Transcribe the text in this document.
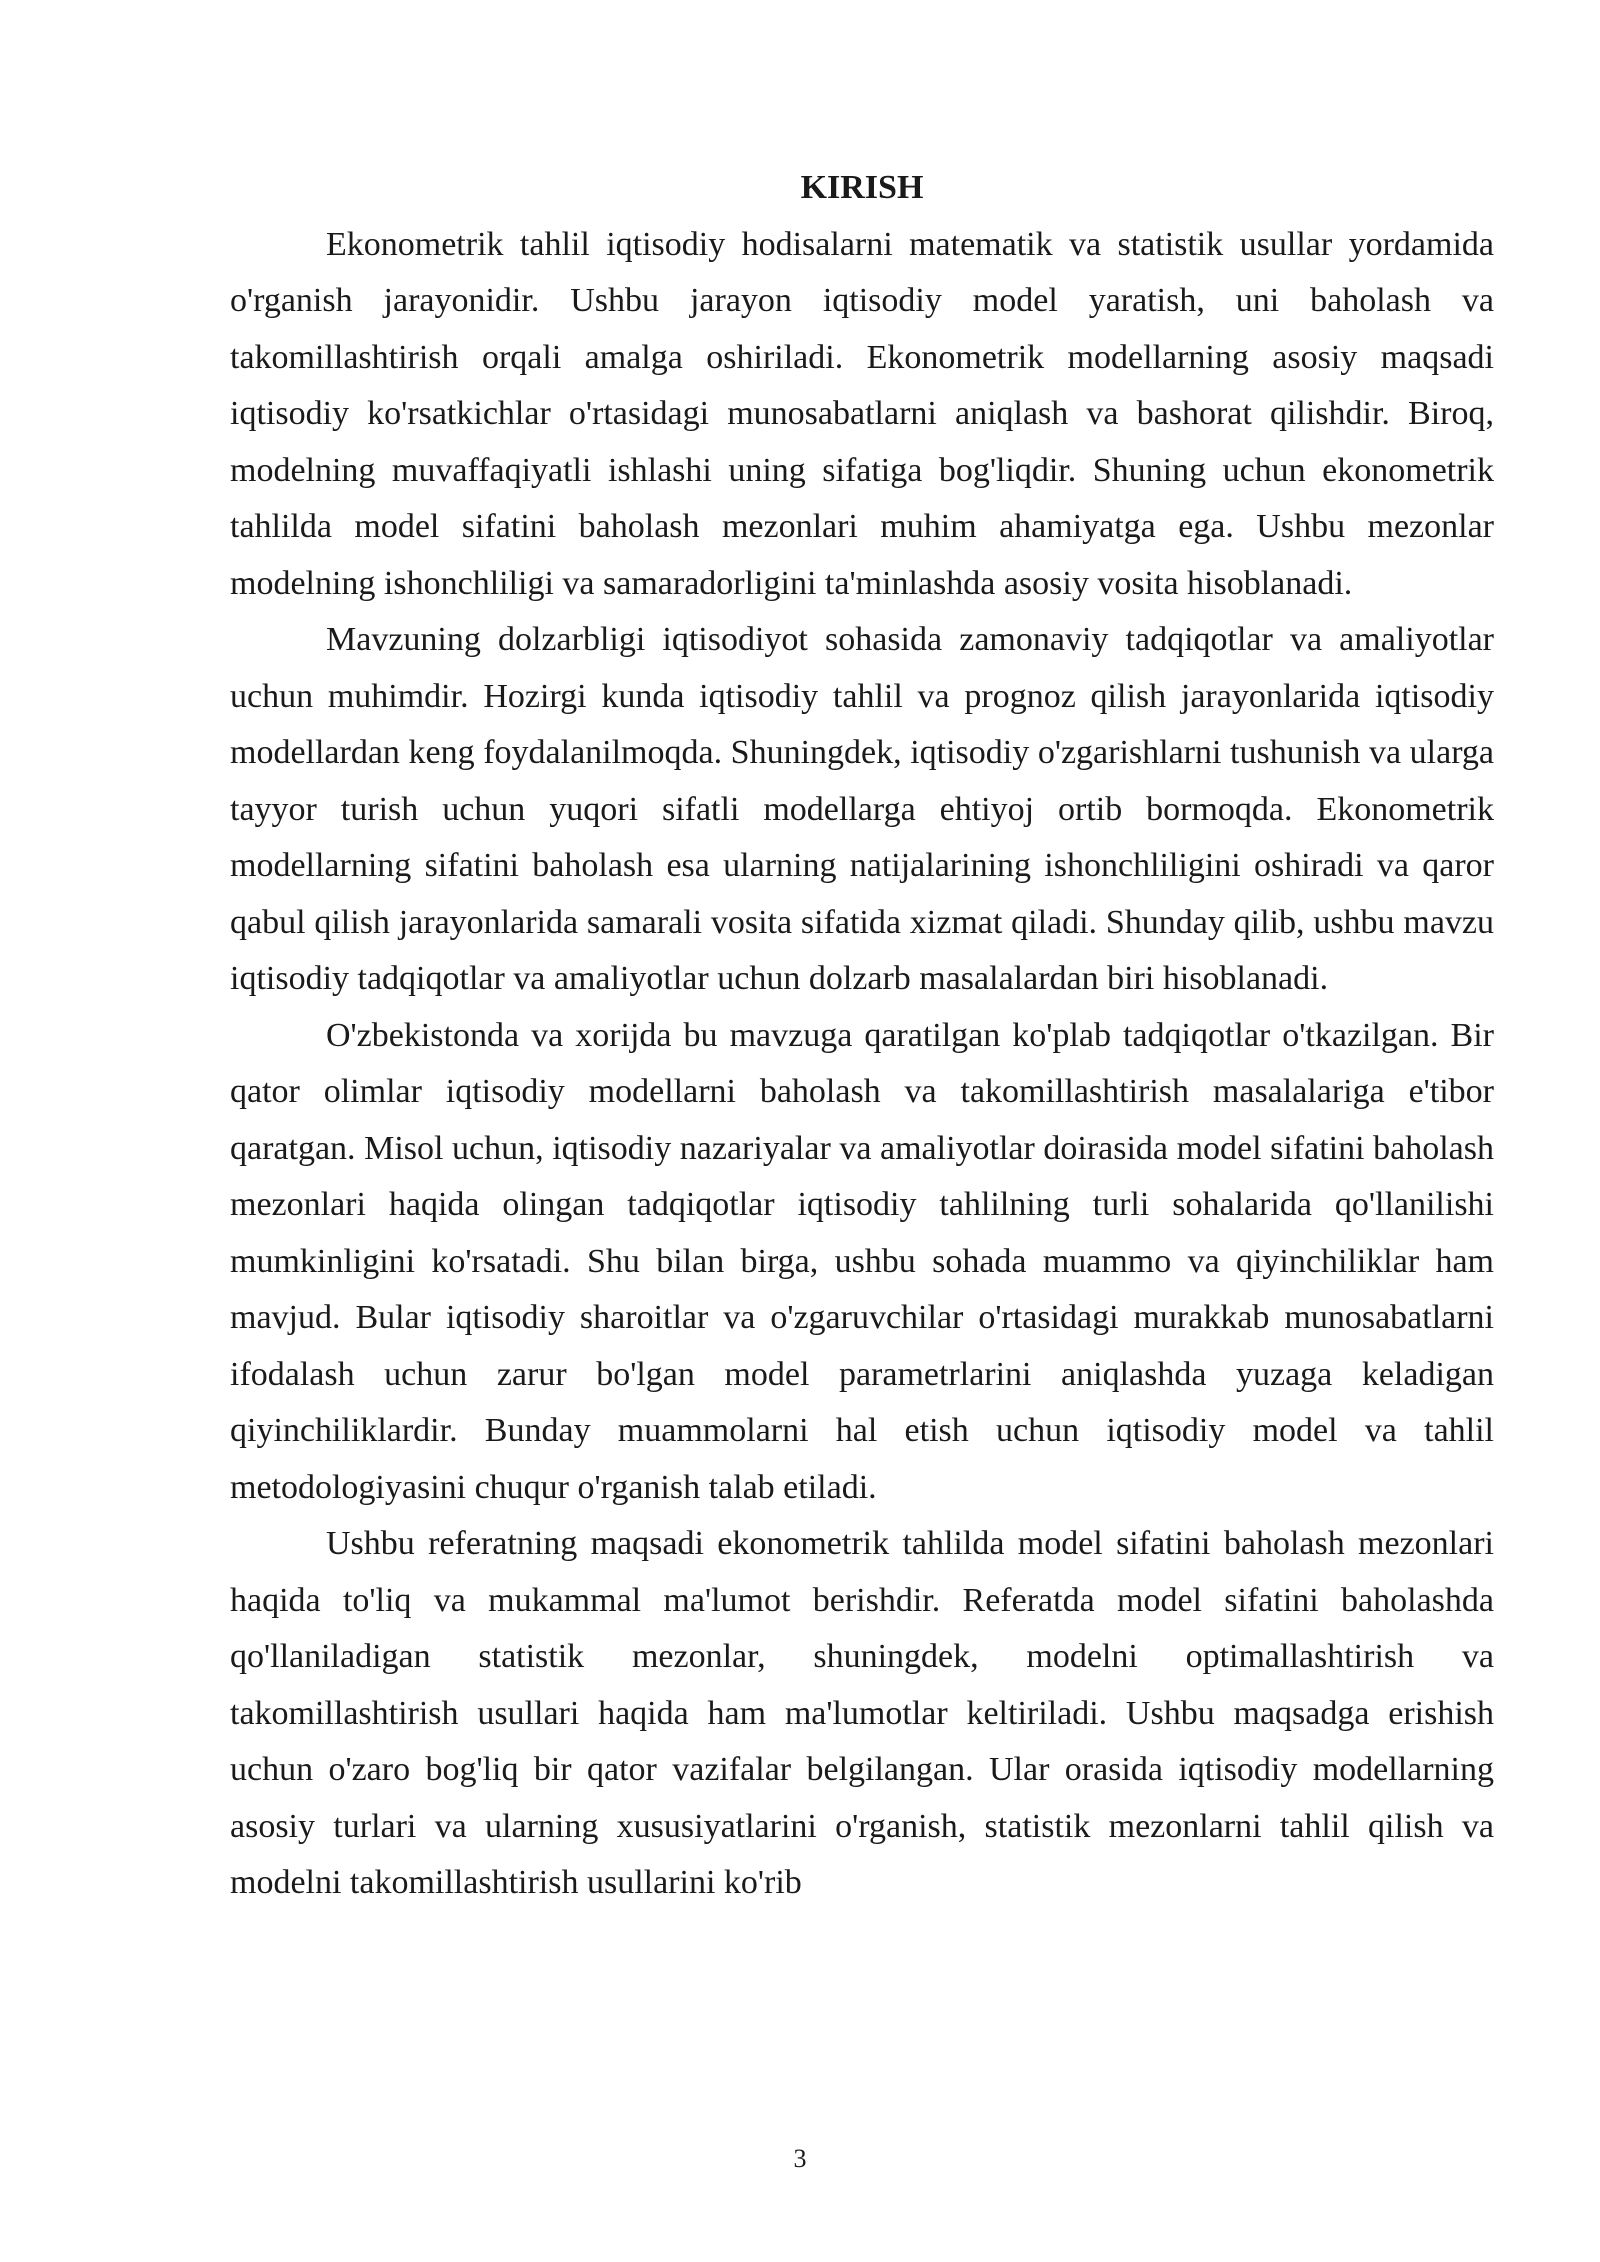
KIRISH

Ekonometrik tahlil iqtisodiy hodisalarni matematik va statistik usullar yordamida o'rganish jarayonidir. Ushbu jarayon iqtisodiy model yaratish, uni baholash va takomillashtirish orqali amalga oshiriladi. Ekonometrik modellarning asosiy maqsadi iqtisodiy ko'rsatkichlar o'rtasidagi munosabatlarni aniqlash va bashorat qilishdir. Biroq, modelning muvaffaqiyatli ishlashi uning sifatiga bog'liqdir. Shuning uchun ekonometrik tahlilda model sifatini baholash mezonlari muhim ahamiyatga ega. Ushbu mezonlar modelning ishonchliligi va samaradorligini ta'minlashda asosiy vosita hisoblanadi.

Mavzuning dolzarbligi iqtisodiyot sohasida zamonaviy tadqiqotlar va amaliyotlar uchun muhimdir. Hozirgi kunda iqtisodiy tahlil va prognoz qilish jarayonlarida iqtisodiy modellardan keng foydalanilmoqda. Shuningdek, iqtisodiy o'zgarishlarni tushunish va ularga tayyor turish uchun yuqori sifatli modellarga ehtiyoj ortib bormoqda. Ekonometrik modellarning sifatini baholash esa ularning natijalarining ishonchliligini oshiradi va qaror qabul qilish jarayonlarida samarali vosita sifatida xizmat qiladi. Shunday qilib, ushbu mavzu iqtisodiy tadqiqotlar va amaliyotlar uchun dolzarb masalalardan biri hisoblanadi.

O'zbekistonda va xorijda bu mavzuga qaratilgan ko'plab tadqiqotlar o'tkazilgan. Bir qator olimlar iqtisodiy modellarni baholash va takomillashtirish masalalariga e'tibor qaratgan. Misol uchun, iqtisodiy nazariyalar va amaliyotlar doirasida model sifatini baholash mezonlari haqida olingan tadqiqotlar iqtisodiy tahlilning turli sohalarida qo'llanilishi mumkinligini ko'rsatadi. Shu bilan birga, ushbu sohada muammo va qiyinchiliklar ham mavjud. Bular iqtisodiy sharoitlar va o'zgaruvchilar o'rtasidagi murakkab munosabatlarni ifodalash uchun zarur bo'lgan model parametrlarini aniqlashda yuzaga keladigan qiyinchiliklardir. Bunday muammolarni hal etish uchun iqtisodiy model va tahlil metodologiyasini chuqur o'rganish talab etiladi.

Ushbu referatning maqsadi ekonometrik tahlilda model sifatini baholash mezonlari haqida to'liq va mukammal ma'lumot berishdir. Referatda model sifatini baholashda qo'llaniladigan statistik mezonlar, shuningdek, modelni optimallashtirish va takomillashtirish usullari haqida ham ma'lumotlar keltiriladi. Ushbu maqsadga erishish uchun o'zaro bog'liq bir qator vazifalar belgilangan. Ular orasida iqtisodiy modellarning asosiy turlari va ularning xususiyatlarini o'rganish, statistik mezonlarni tahlil qilish va modelni takomillashtirish usullarini ko'rib

3
